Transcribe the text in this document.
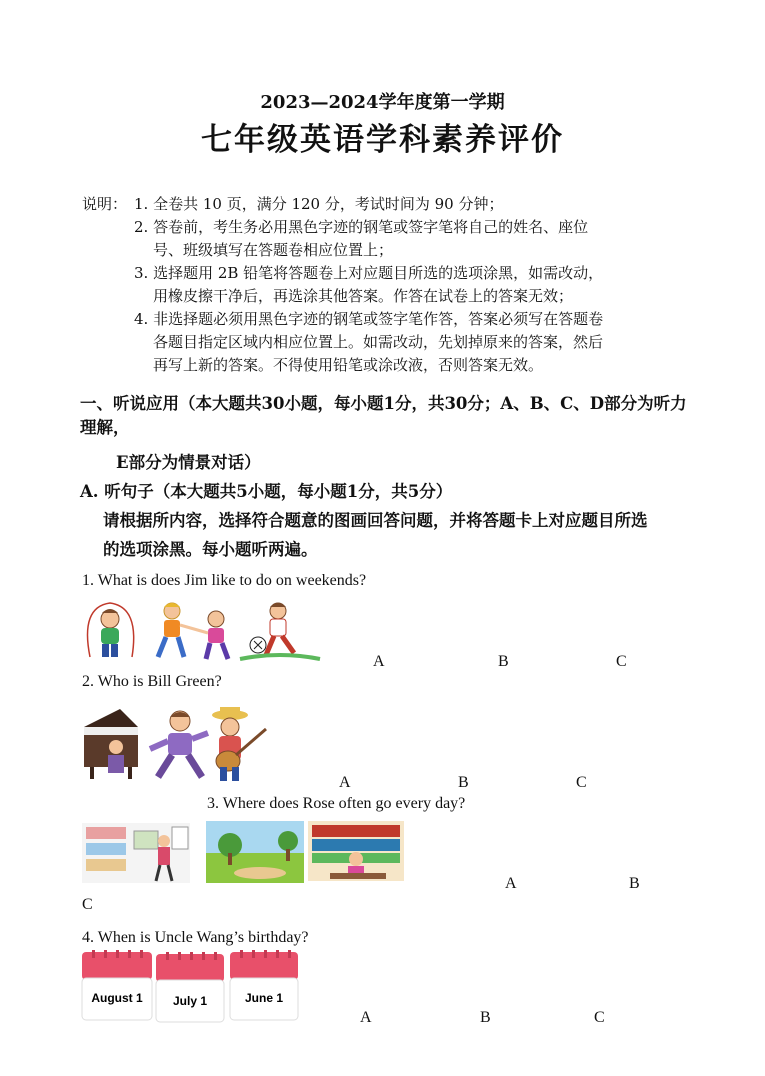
2023—2024学年度第一学期
七年级英语学科素养评价
说明： 1. 全卷共 10 页，满分 120 分，考试时间为 90 分钟；
2. 答卷前，考生务必用黑色字迹的钢笔或签字笔将自己的姓名、座位
号、班级填写在答题卷相应位置上；
3. 选择题用 2B 铅笔将答题卷上对应题目所选的选项涂黑，如需改动，
用橡皮擦干净后，再选涂其他答案。作答在试卷上的答案无效；
4. 非选择题必须用黑色字迹的钢笔或签字笔作答，答案必须写在答题卷
各题目指定区域内相应位置上。如需改动，先划掉原来的答案，然后
再写上新的答案。不得使用铅笔或涂改液，否则答案无效。
一、听说应用（本大题共30小题，每小题1分，共30分；A、B、C、D部分为听力
理解，
E部分为情景对话）
A. 听句子（本大题共5小题，每小题1分，共5分）
请根据所内容，选择符合题意的图画回答问题，并将答题卡上对应题目所选
的选项涂黑。每小题听两遍。
1. What is does Jim like to do on weekends?
A	B	C
2. Who is Bill Green?
A	B	C
3. Where does Rose often go every day?
A	B
C
4. When is Uncle Wang’s birthday?
August 1	July 1	June 1
A	B	C
